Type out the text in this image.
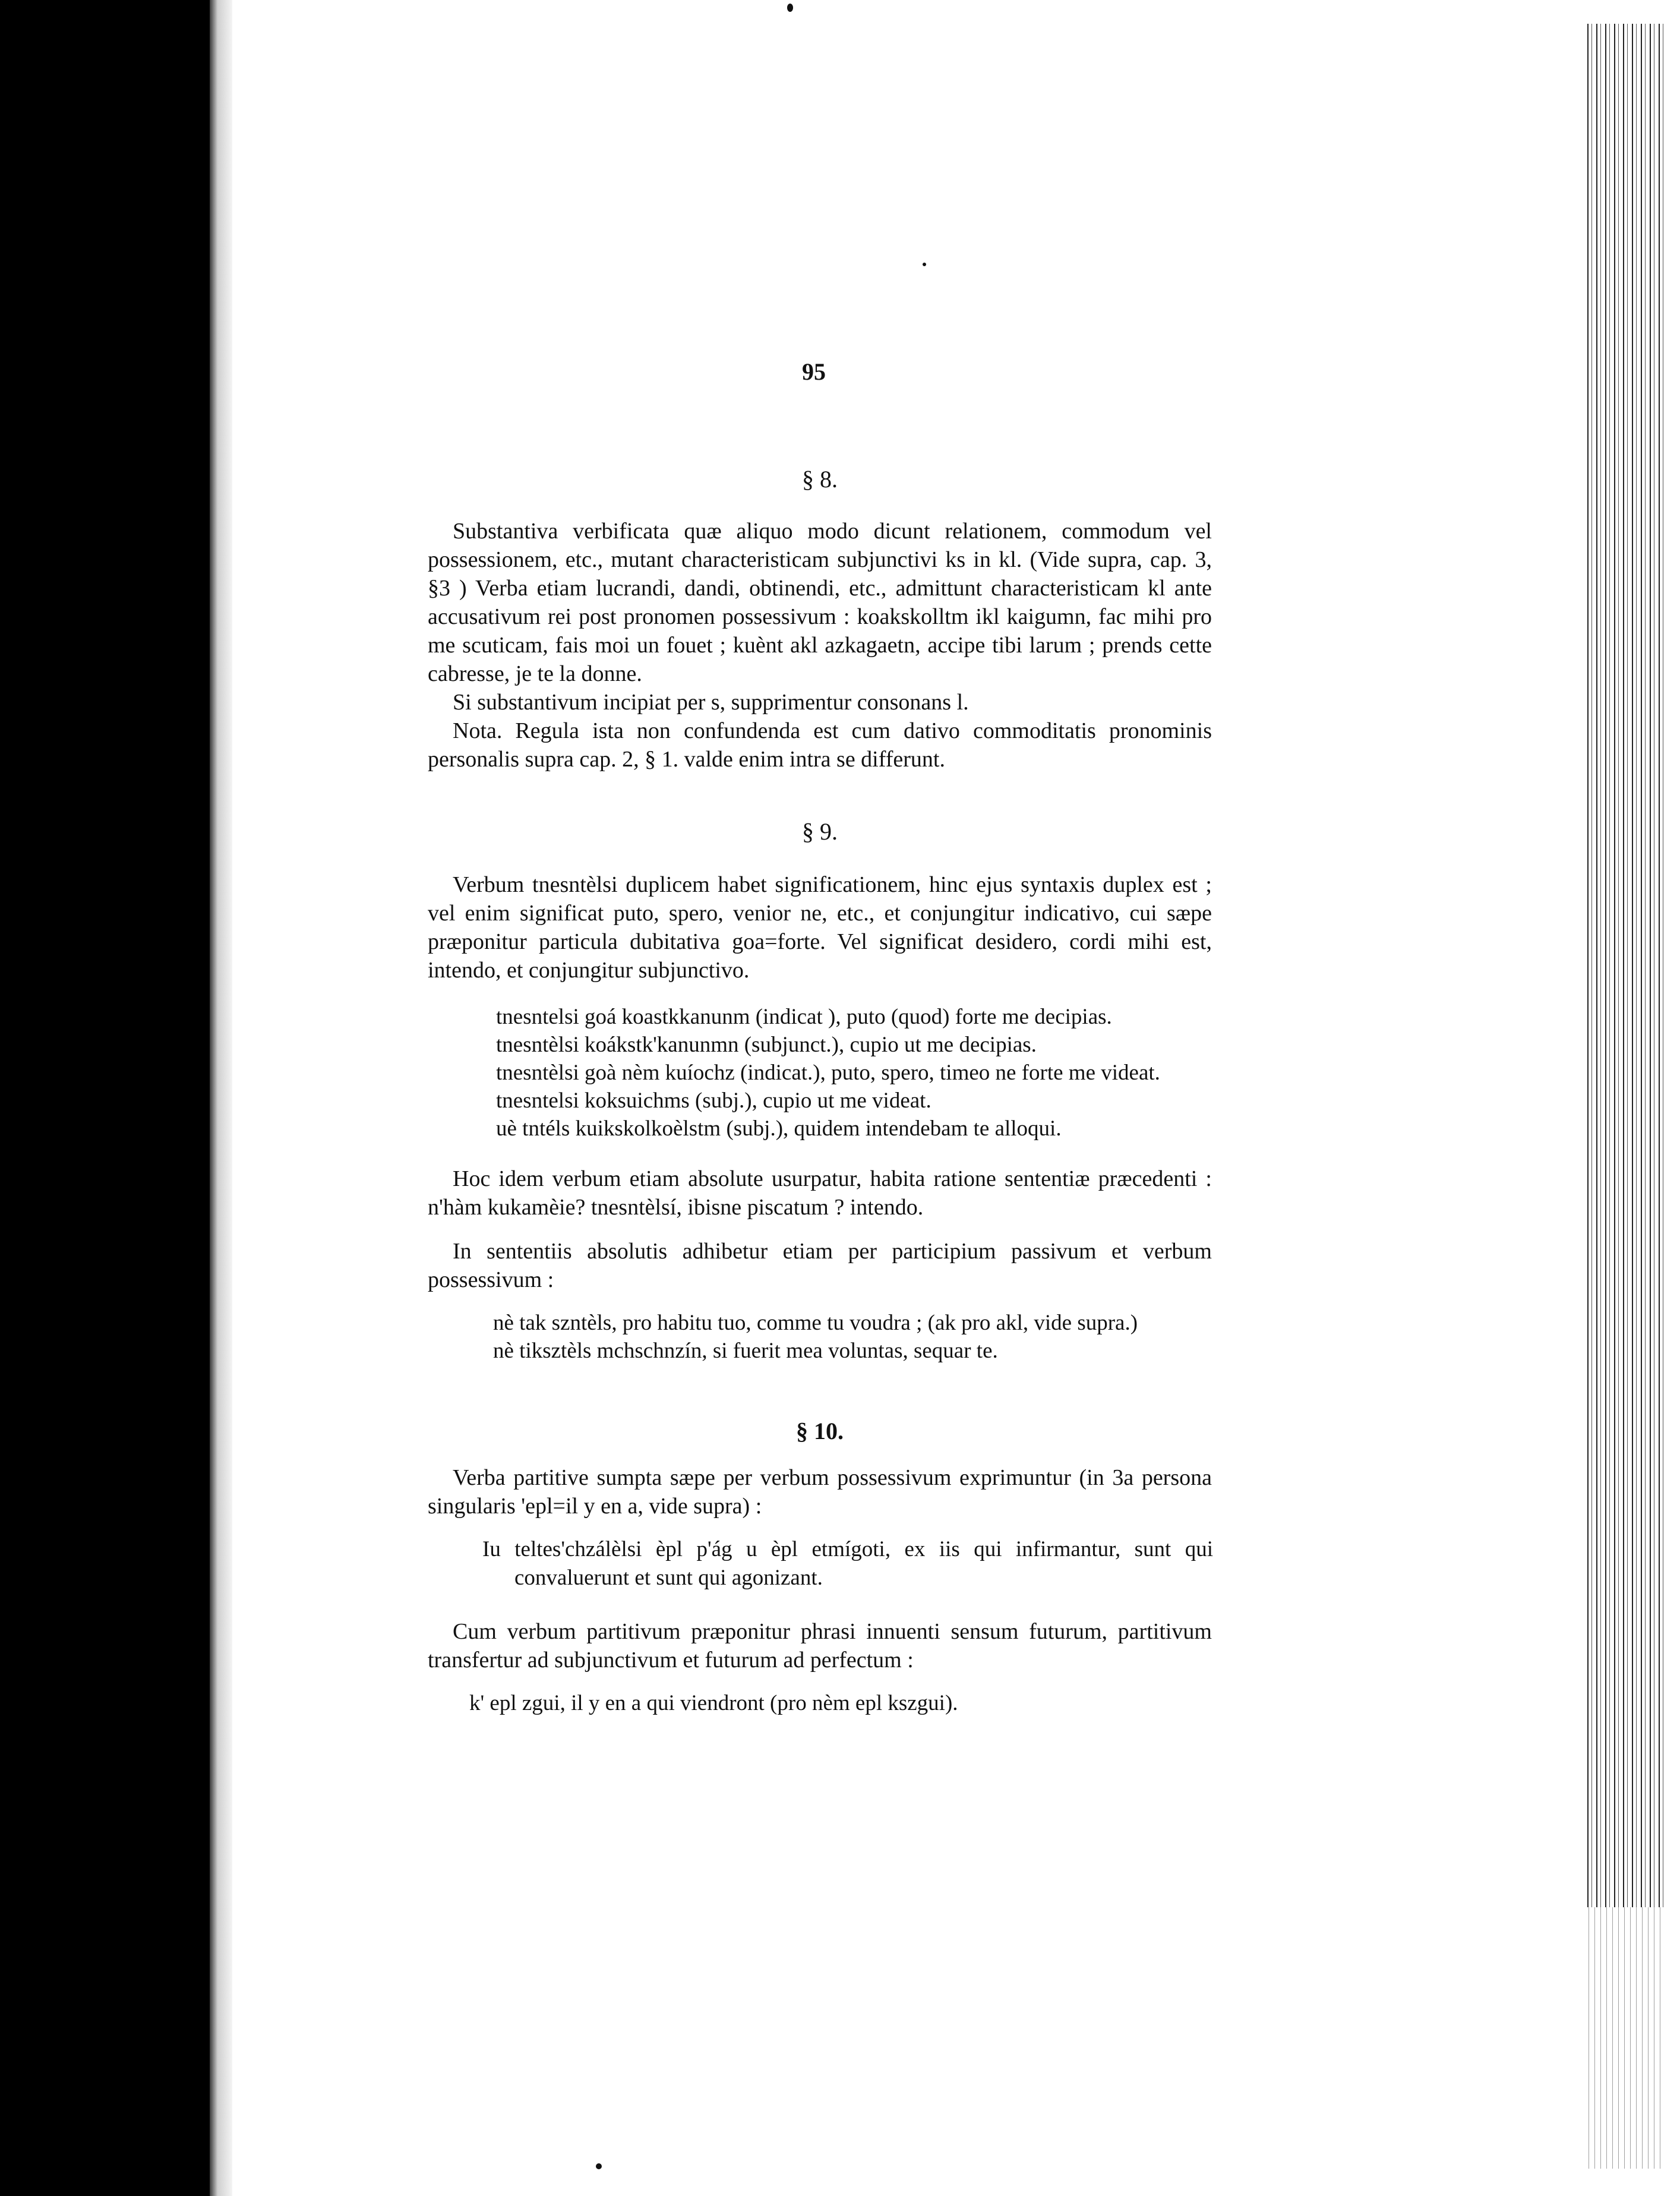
95
§ 8.

Substantiva verbificata quæ aliquo modo dicunt relationem, commodum vel possessionem, etc., mutant characteristicam subjunctivi ks in kl. (Vide supra, cap. 3, §3 ) Verba etiam lucrandi, dandi, obtinendi, etc., admittunt characteristicam kl ante accusativum rei post pronomen possessivum : koakskolltm ikl kaigumn, fac mihi pro me scuticam, fais moi un fouet ; kuènt akl azkagaetn, accipe tibi larum ; prends cette cabresse, je te la donne.

Si substantivum incipiat per s, supprimentur consonans l.

Nota. Regula ista non confundenda est cum dativo commoditatis pronominis personalis supra cap. 2, § 1. valde enim intra se differunt.

§ 9.

Verbum tnesntèlsi duplicem habet significationem, hinc ejus syntaxis duplex est ; vel enim significat puto, spero, venior ne, etc., et conjungitur indicativo, cui sæpe præponitur particula dubitativa goa=forte. Vel significat desidero, cordi mihi est, intendo, et conjungitur subjunctivo.

tnesntelsi goá koastkkanunm (indicat ), puto (quod) forte me decipias.
tnesntèlsi koákstk'kanunmn (subjunct.), cupio ut me decipias.
tnesntèlsi goà nèm kuíochz (indicat.), puto, spero, timeo ne forte me videat.
tnesntelsi koksuichms (subj.), cupio ut me videat.
uè tntéls kuikskolkoèlstm (subj.), quidem intendebam te alloqui.

Hoc idem verbum etiam absolute usurpatur, habita ratione sententiæ præcedenti : n'hàm kukamèie? tnesntèlsí, ibisne piscatum ? intendo.

In sententiis absolutis adhibetur etiam per participium passivum et verbum possessivum :

nè tak szntèls, pro habitu tuo, comme tu voudra ; (ak pro akl, vide supra.)
nè tiksztèls mchschnzín, si fuerit mea voluntas, sequar te.
§ 10.

Verba partitive sumpta sæpe per verbum possessivum exprimuntur (in 3a persona singularis 'epl=il y en a, vide supra) :

Iu teltes'chzálèlsi èpl p'ág u èpl etmígoti, ex iis qui infirmantur, sunt qui convaluerunt et sunt qui agonizant.

Cum verbum partitivum præponitur phrasi innuenti sensum futurum, partitivum transfertur ad subjunctivum et futurum ad perfectum :

k' epl zgui, il y en a qui viendront (pro nèm epl kszgui).
